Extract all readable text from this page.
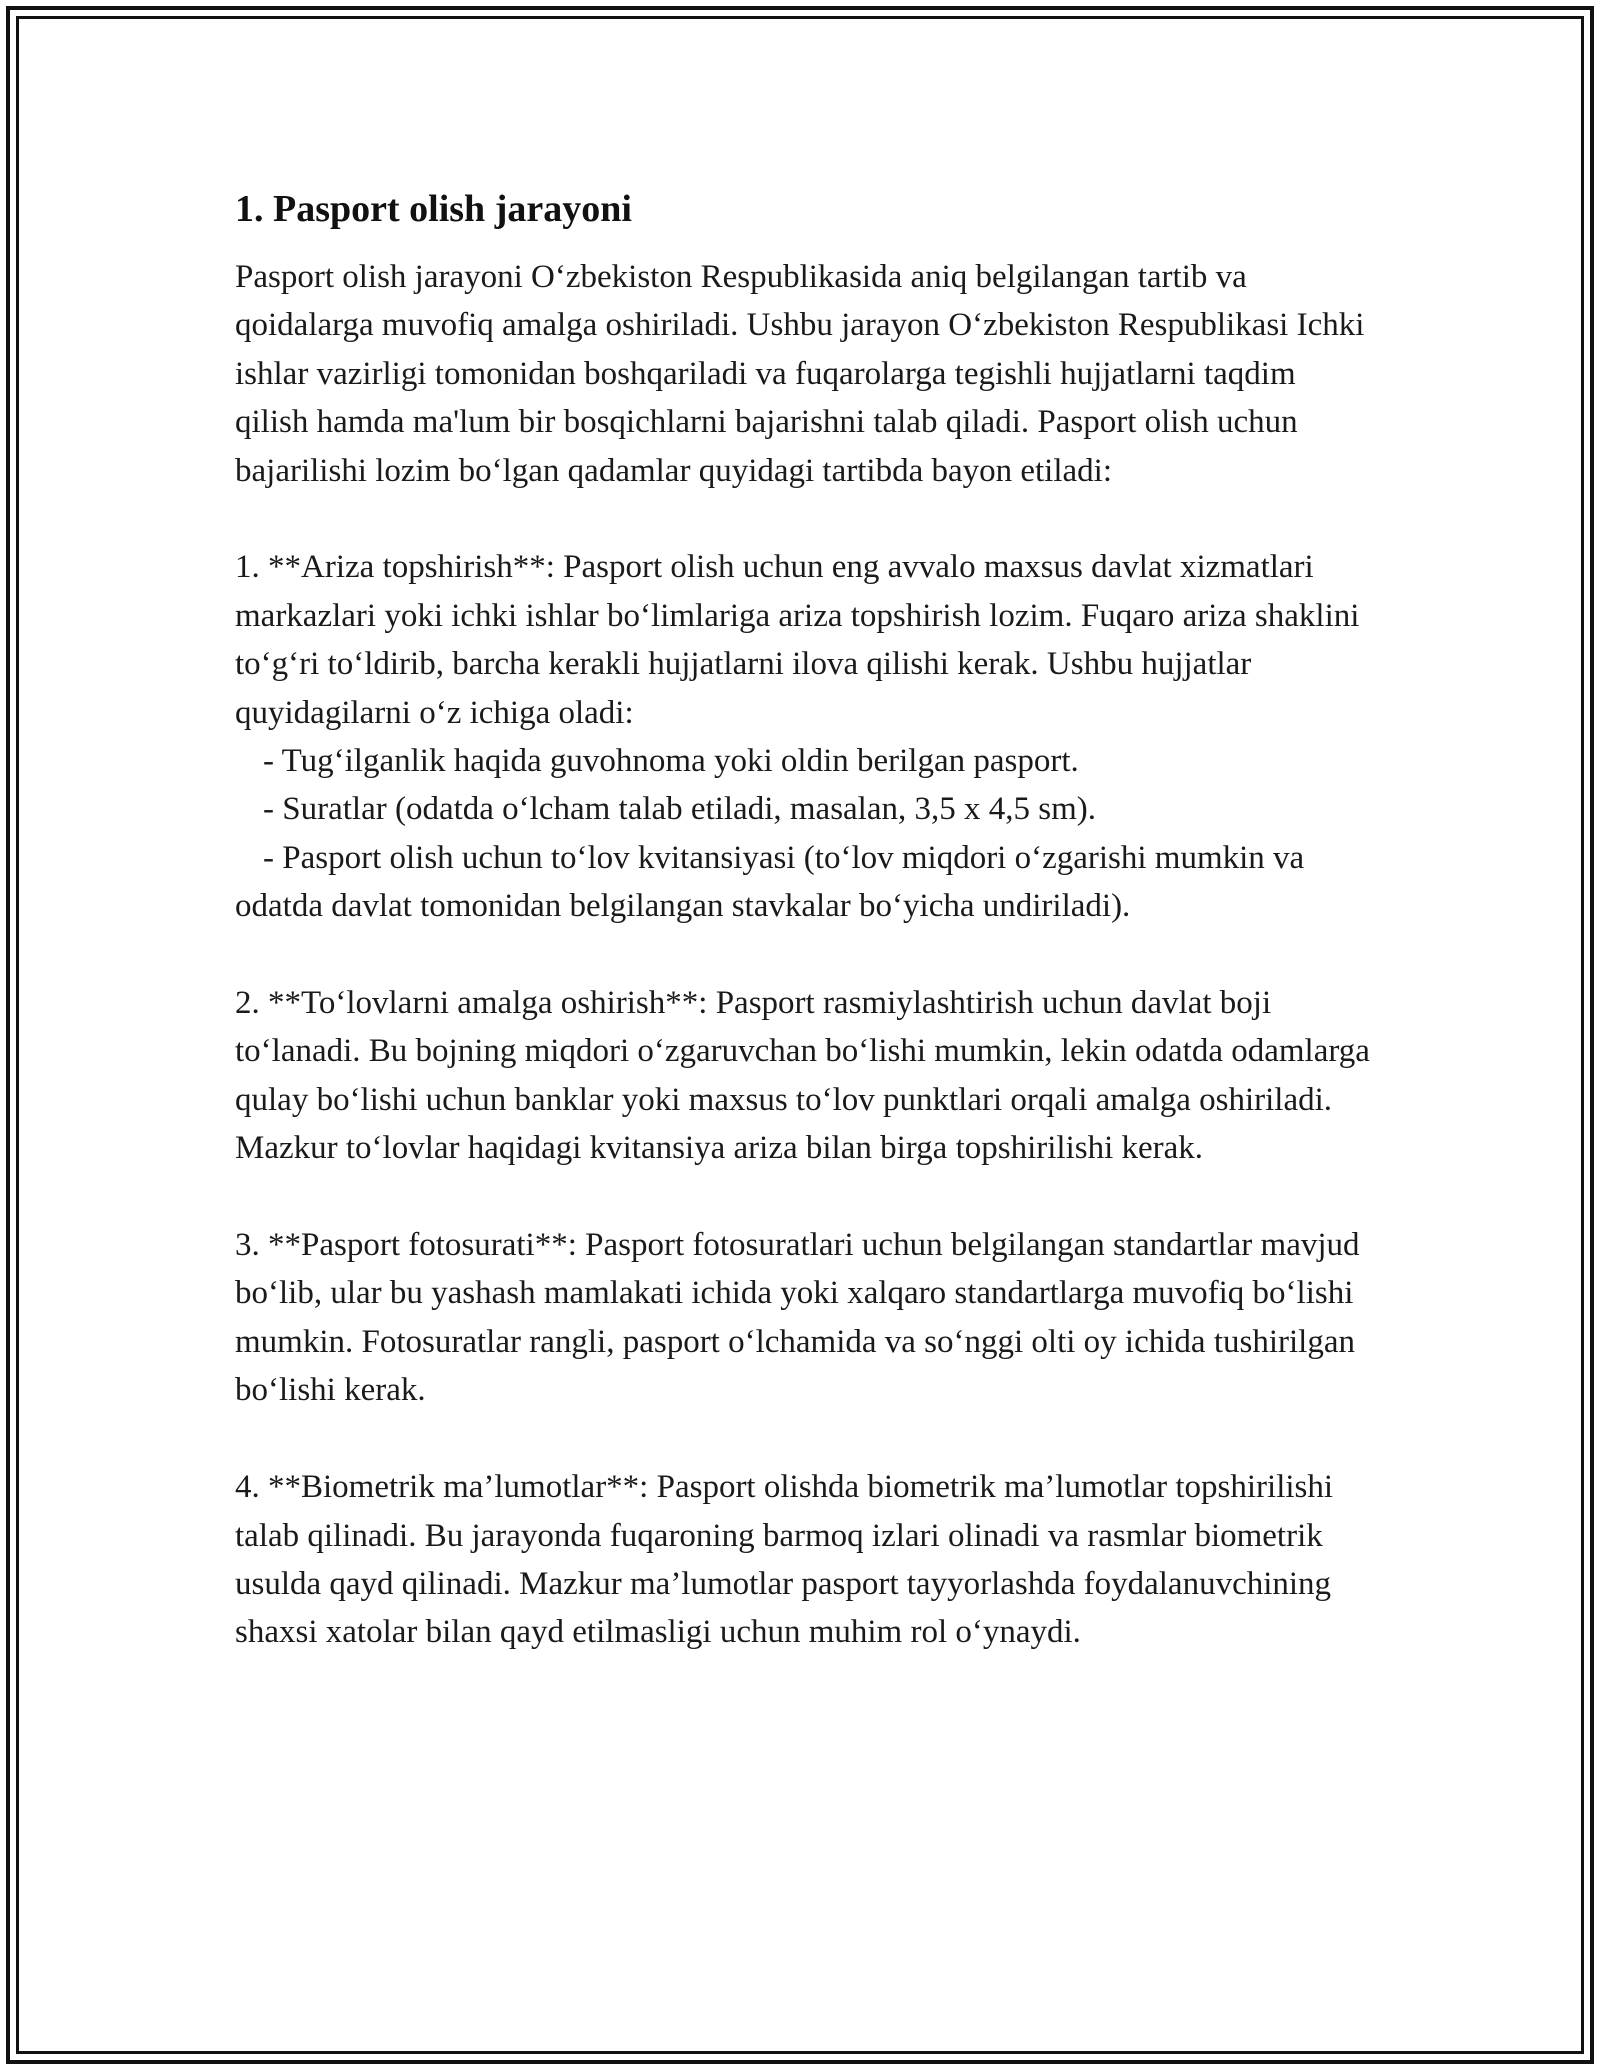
1. Pasport olish jarayoni

Pasport olish jarayoni O‘zbekiston Respublikasida aniq belgilangan tartib va qoidalarga muvofiq amalga oshiriladi. Ushbu jarayon O‘zbekiston Respublikasi Ichki ishlar vazirligi tomonidan boshqariladi va fuqarolarga tegishli hujjatlarni taqdim qilish hamda ma'lum bir bosqichlarni bajarishni talab qiladi. Pasport olish uchun bajarilishi lozim bo‘lgan qadamlar quyidagi tartibda bayon etiladi:

1. **Ariza topshirish**: Pasport olish uchun eng avvalo maxsus davlat xizmatlari markazlari yoki ichki ishlar bo‘limlariga ariza topshirish lozim. Fuqaro ariza shaklini to‘g‘ri to‘ldirib, barcha kerakli hujjatlarni ilova qilishi kerak. Ushbu hujjatlar quyidagilarni o‘z ichiga oladi:
- Tug‘ilganlik haqida guvohnoma yoki oldin berilgan pasport.
- Suratlar (odatda o‘lcham talab etiladi, masalan, 3,5 x 4,5 sm).
- Pasport olish uchun to‘lov kvitansiyasi (to‘lov miqdori o‘zgarishi mumkin va odatda davlat tomonidan belgilangan stavkalar bo‘yicha undiriladi).

2. **To‘lovlarni amalga oshirish**: Pasport rasmiylashtirish uchun davlat boji to‘lanadi. Bu bojning miqdori o‘zgaruvchan bo‘lishi mumkin, lekin odatda odamlarga qulay bo‘lishi uchun banklar yoki maxsus to‘lov punktlari orqali amalga oshiriladi. Mazkur to‘lovlar haqidagi kvitansiya ariza bilan birga topshirilishi kerak.

3. **Pasport fotosurati**: Pasport fotosuratlari uchun belgilangan standartlar mavjud bo‘lib, ular bu yashash mamlakati ichida yoki xalqaro standartlarga muvofiq bo‘lishi mumkin. Fotosuratlar rangli, pasport o‘lchamida va so‘nggi olti oy ichida tushirilgan bo‘lishi kerak.

4. **Biometrik ma’lumotlar**: Pasport olishda biometrik ma’lumotlar topshirilishi talab qilinadi. Bu jarayonda fuqaroning barmoq izlari olinadi va rasmlar biometrik usulda qayd qilinadi. Mazkur ma’lumotlar pasport tayyorlashda foydalanuvchining shaxsi xatolar bilan qayd etilmasligi uchun muhim rol o‘ynaydi.
